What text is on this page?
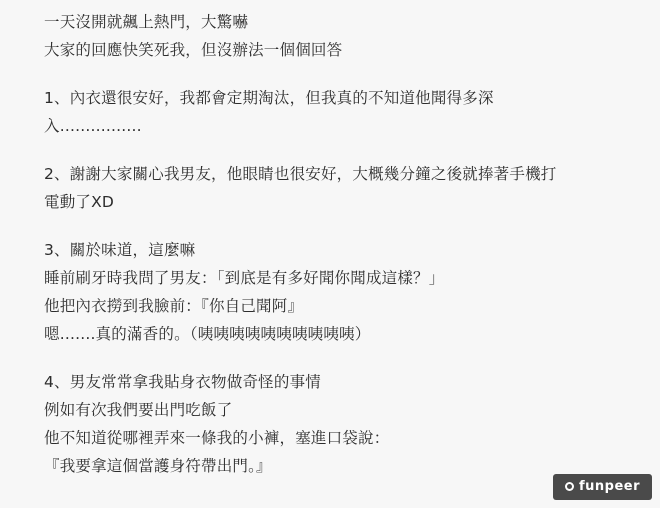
一天沒開就飆上熱門，大驚嚇
大家的回應快笑死我，但沒辦法一個個回答
1、內衣還很安好，我都會定期淘汰，但我真的不知道他聞得多深
入................
2、謝謝大家關心我男友，他眼睛也很安好，大概幾分鐘之後就捧著手機打
電動了XD
3、關於味道，這麼嘛
睡前刷牙時我問了男友：「到底是有多好聞你聞成這樣？」
他把內衣撈到我臉前：『你自己聞阿』
嗯.......真的滿香的。（咦咦咦咦咦咦咦咦咦咦）
4、男友常常拿我貼身衣物做奇怪的事情
例如有次我們要出門吃飯了
他不知道從哪裡弄來一條我的小褲，塞進口袋說：
『我要拿這個當護身符帶出門。』
funpeer
